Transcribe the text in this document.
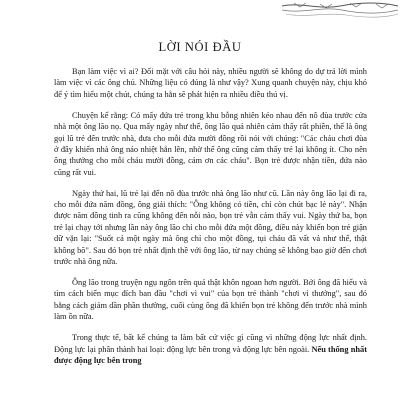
LỜI NÓI ĐẦU

Bạn làm việc vì ai? Đối mặt với câu hỏi này, nhiều người sẽ không do dự trả lời mình làm việc vì các ông chủ. Những liệu có đúng là như vậy? Xung quanh chuyện này, chịu khó để ý tìm hiểu một chút, chúng ta hẳn sẽ phát hiện ra nhiều điều thú vị.

Chuyện kể rằng: Có mấy đứa trẻ trong khu bỗng nhiên kéo nhau đến nô đùa trước cửa nhà một ông lão nọ. Qua mấy ngày như thế, ông lão quả nhiên cảm thấy rất phiền, thế là ông gọi lũ trẻ đến trước nhà, đưa cho mỗi đứa mười đồng rồi nói với chúng: "Các cháu chơi đùa ở đây khiến nhà ông náo nhiệt hẳn lên, nhờ thế ông cũng cảm thấy trẻ lại không ít. Cho nên ông thưởng cho mỗi cháu mười đồng, cảm ơn các cháu". Bọn trẻ được nhận tiền, đứa nào cũng rất vui.

Ngày thứ hai, lũ trẻ lại đến nô đùa trước nhà ông lão như cũ. Lần này ông lão lại đi ra, cho mỗi đứa năm đồng, ông giải thích: "Ông không có tiền, chỉ còn chút bạc lẻ này". Nhận được năm đồng tinh ra cũng không đến nỗi nào, bọn trẻ vẫn cảm thấy vui. Ngày thứ ba, bọn trẻ lại chạy tới nhưng lần này ông lão chỉ cho mỗi đứa một đồng, điều này khiến bọn trẻ giận dữ vặn lại: "Suốt cả một ngày mà ông chỉ cho một đồng, tụi cháu đã vất vả như thế, thật không bõ". Sau đó bọn trẻ nhất định thề với ông lão, từ nay chúng sẽ không bao giờ đến chơi trước nhà ông nữa.

Ông lão trong truyện ngụ ngôn trên quả thật khôn ngoan hơn người. Bởi ông đã hiểu và tìm cách biến mục đích ban đầu "chơi vì vui" của bọn trẻ thành "chơi vì thưởng", sau đó bằng cách giảm dần phần thưởng, cuối cùng ông đã khiến bọn trẻ không đến trước nhà mình làm ồn nữa.

Trong thực tế, bất kể chúng ta làm bất cứ việc gì cũng vì những động lực nhất định. Động lực lại phân thành hai loại: động lực bên trong và động lực bên ngoài. Nếu thống nhất được động lực bên trong
